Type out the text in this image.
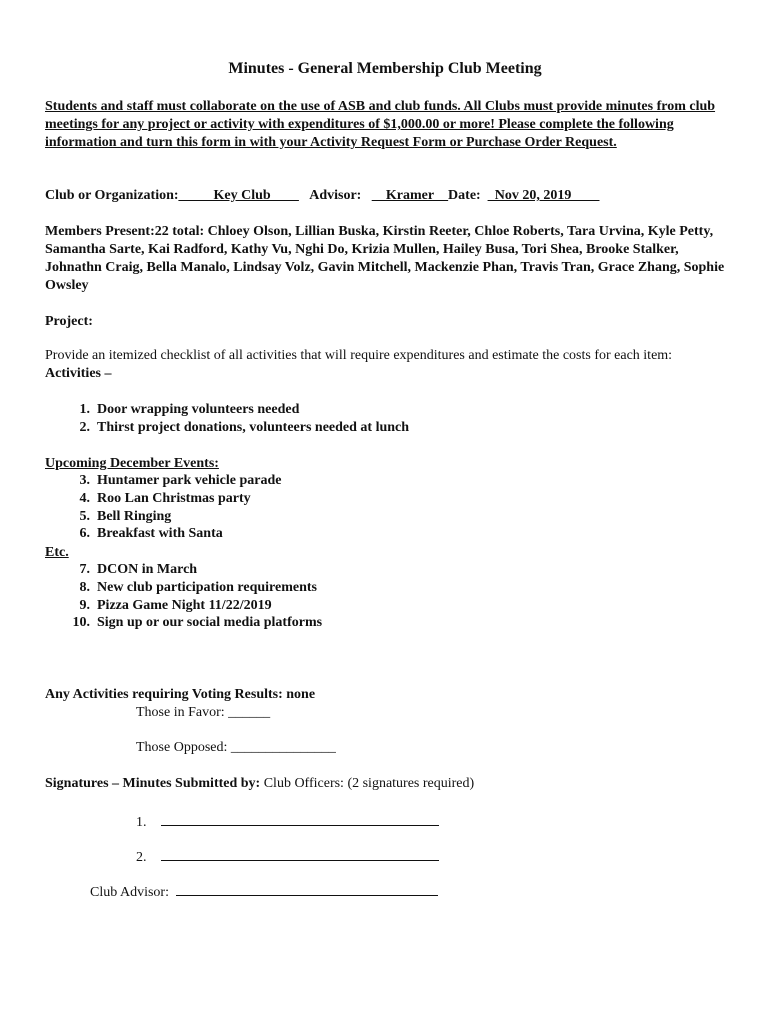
Minutes - General Membership Club Meeting
Students and staff must collaborate on the use of ASB and club funds. All Clubs must provide minutes from club meetings for any project or activity with expenditures of $1,000.00 or more! Please complete the following information and turn this form in with your Activity Request Form or Purchase Order Request.
Club or Organization:_____Key Club____ Advisor: __Kramer__Date: _Nov 20, 2019____
Members Present:22 total: Chloey Olson, Lillian Buska, Kirstin Reeter, Chloe Roberts, Tara Urvina, Kyle Petty, Samantha Sarte, Kai Radford, Kathy Vu, Nghi Do, Krizia Mullen, Hailey Busa, Tori Shea, Brooke Stalker, Johnathn Craig, Bella Manalo, Lindsay Volz, Gavin Mitchell, Mackenzie Phan, Travis Tran, Grace Zhang, Sophie Owsley
Project:
Provide an itemized checklist of all activities that will require expenditures and estimate the costs for each item:
Activities –
1.
Door wrapping volunteers needed
2.
Thirst project donations, volunteers needed at lunch
Upcoming December Events:
3.
Huntamer park vehicle parade
4.
Roo Lan Christmas party
5.
Bell Ringing
6.
Breakfast with Santa
Etc.
7.
DCON in March
8.
New club participation requirements
9.
Pizza Game Night 11/22/2019
10.
Sign up or our social media platforms
Any Activities requiring Voting Results: none
Those in Favor: ______
Those Opposed: _______________
Signatures – Minutes Submitted by: Club Officers: (2 signatures required)
1.
2.
Club Advisor:
